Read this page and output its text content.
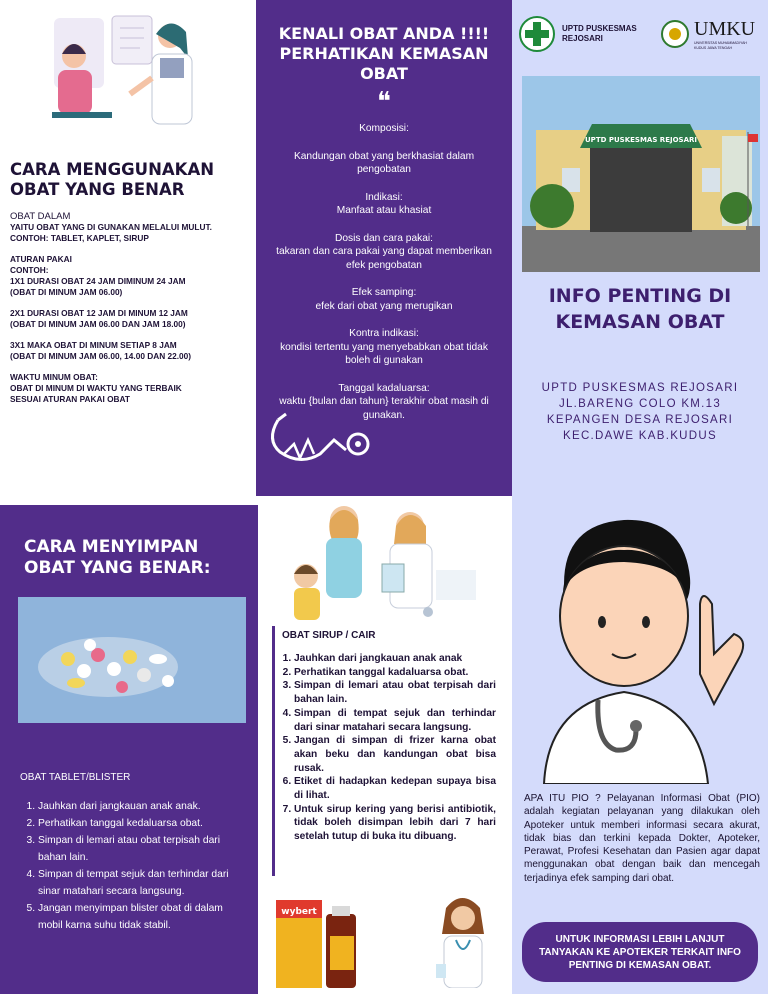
CARA MENGGUNAKAN OBAT YANG BENAR
OBAT DALAM
YAITU OBAT YANG DI GUNAKAN MELALUI MULUT.
CONTOH: TABLET, KAPLET, SIRUP
ATURAN PAKAI
CONTOH:
1X1 DURASI OBAT 24 JAM DIMINUM 24 JAM
(OBAT DI MINUM JAM 06.00)
2X1 DURASI OBAT 12 JAM DI MINUM 12 JAM
(OBAT DI MINUM JAM 06.00 DAN JAM 18.00)
3X1 MAKA OBAT DI MINUM SETIAP 8 JAM
(OBAT DI MINUM JAM 06.00, 14.00 DAN 22.00)
WAKTU MINUM OBAT:
OBAT DI MINUM DI WAKTU YANG TERBAIK
SESUAI ATURAN PAKAI OBAT
KENALI OBAT ANDA !!!! PERHATIKAN KEMASAN OBAT
❝
Komposisi:
Kandungan obat yang berkhasiat dalam pengobatan
Indikasi:
Manfaat atau khasiat
Dosis dan cara pakai:
takaran dan cara pakai yang dapat memberikan efek pengobatan
Efek samping:
efek dari obat yang merugikan
Kontra indikasi:
kondisi tertentu yang menyebabkan obat tidak boleh di gunakan
Tanggal kadaluarsa:
waktu {bulan dan tahun} terakhir obat masih di gunakan.
UPTD PUSKESMAS REJOSARI	UMKU
UNIVERSITAS MUHAMMADIYAH KUDUS JAWA TENGAH
UPTD PUSKESMAS REJOSARI
INFO PENTING DI KEMASAN OBAT
UPTD PUSKESMAS REJOSARI
JL.BARENG COLO KM.13
KEPANGEN DESA REJOSARI
KEC.DAWE KAB.KUDUS
CARA MENYIMPAN OBAT YANG BENAR:
OBAT TABLET/BLISTER
1. Jauhkan dari jangkauan anak anak.
2. Perhatikan tanggal kedaluarsa obat.
3. Simpan di lemari atau obat terpisah dari bahan lain.
4. Simpan di tempat sejuk dan terhindar dari sinar matahari secara langsung.
5. Jangan menyimpan blister obat di dalam mobil karna suhu tidak stabil.
OBAT SIRUP / CAIR
1. Jauhkan dari jangkauan anak anak
2. Perhatikan tanggal kadaluarsa obat.
3. Simpan di lemari atau obat terpisah dari bahan lain.
4. Simpan di tempat sejuk dan terhindar dari sinar matahari secara langsung.
5. Jangan di simpan di frizer karna obat akan beku dan kandungan obat bisa rusak.
6. Etiket di hadapkan kedepan supaya bisa di lihat.
7. Untuk sirup kering yang berisi antibiotik, tidak boleh disimpan lebih dari 7 hari setelah tutup di buka itu dibuang.
wybert
APA ITU PIO ? Pelayanan Informasi Obat (PIO) adalah kegiatan pelayanan yang dilakukan oleh Apoteker untuk memberi informasi secara akurat, tidak bias dan terkini kepada Dokter, Apoteker, Perawat, Profesi Kesehatan dan Pasien agar dapat menggunakan obat dengan baik dan mencegah terjadinya efek samping dari obat.
UNTUK INFORMASI LEBIH LANJUT TANYAKAN KE APOTEKER TERKAIT INFO PENTING DI KEMASAN OBAT.
